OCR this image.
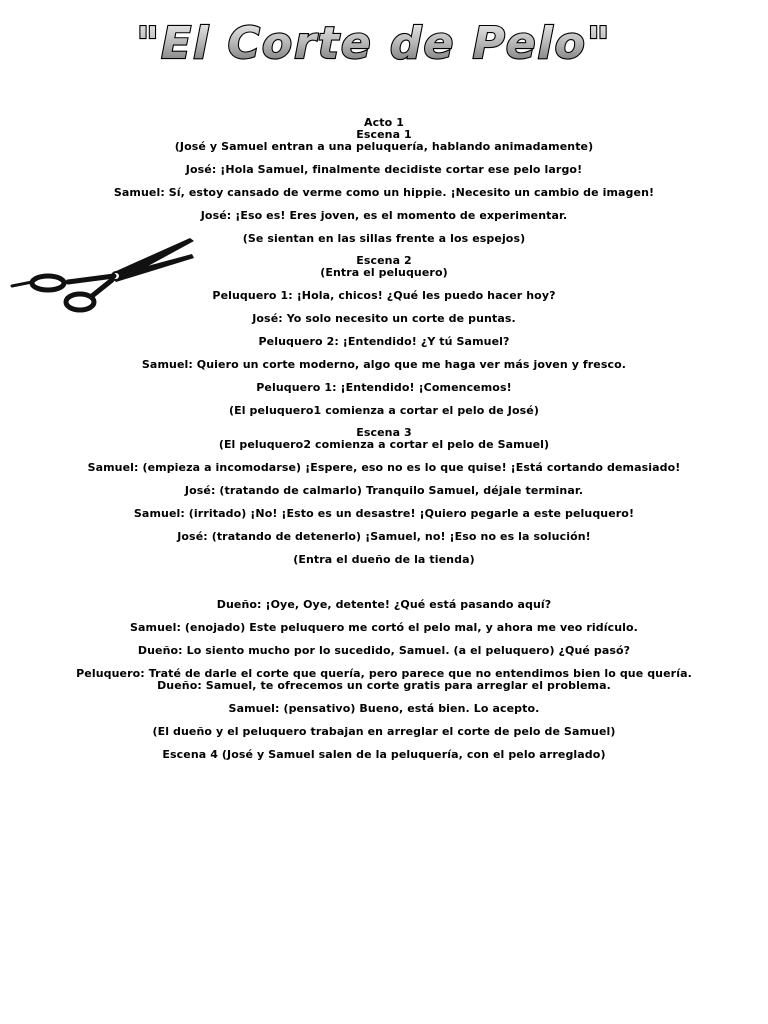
"El Corte de Pelo"
Acto 1
Escena 1
(José y Samuel entran a una peluquería, hablando animadamente)
José: ¡Hola Samuel, finalmente decidiste cortar ese pelo largo!
Samuel: Sí, estoy cansado de verme como un hippie. ¡Necesito un cambio de imagen!
José: ¡Eso es! Eres joven, es el momento de experimentar.
(Se sientan en las sillas frente a los espejos)
Escena 2
(Entra el peluquero)
Peluquero 1: ¡Hola, chicos! ¿Qué les puedo hacer hoy?
José: Yo solo necesito un corte de puntas.
Peluquero 2: ¡Entendido! ¿Y tú Samuel?
Samuel: Quiero un corte moderno, algo que me haga ver más joven y fresco.
Peluquero 1: ¡Entendido! ¡Comencemos!
(El peluquero1 comienza a cortar el pelo de José)
Escena 3
(El peluquero2 comienza a cortar el pelo de Samuel)
Samuel: (empieza a incomodarse) ¡Espere, eso no es lo que quise! ¡Está cortando demasiado!
José: (tratando de calmarlo) Tranquilo Samuel, déjale terminar.
Samuel: (irritado) ¡No! ¡Esto es un desastre! ¡Quiero pegarle a este peluquero!
José: (tratando de detenerlo) ¡Samuel, no! ¡Eso no es la solución!
(Entra el dueño de la tienda)
Dueño: ¡Oye, Oye, detente! ¿Qué está pasando aquí?
Samuel: (enojado) Este peluquero me cortó el pelo mal, y ahora me veo ridículo.
Dueño: Lo siento mucho por lo sucedido, Samuel. (a el peluquero) ¿Qué pasó?
Peluquero: Traté de darle el corte que quería, pero parece que no entendimos bien lo que quería.
Dueño: Samuel, te ofrecemos un corte gratis para arreglar el problema.
Samuel: (pensativo) Bueno, está bien. Lo acepto.
(El dueño y el peluquero trabajan en arreglar el corte de pelo de Samuel)
Escena 4 (José y Samuel salen de la peluquería, con el pelo arreglado)
